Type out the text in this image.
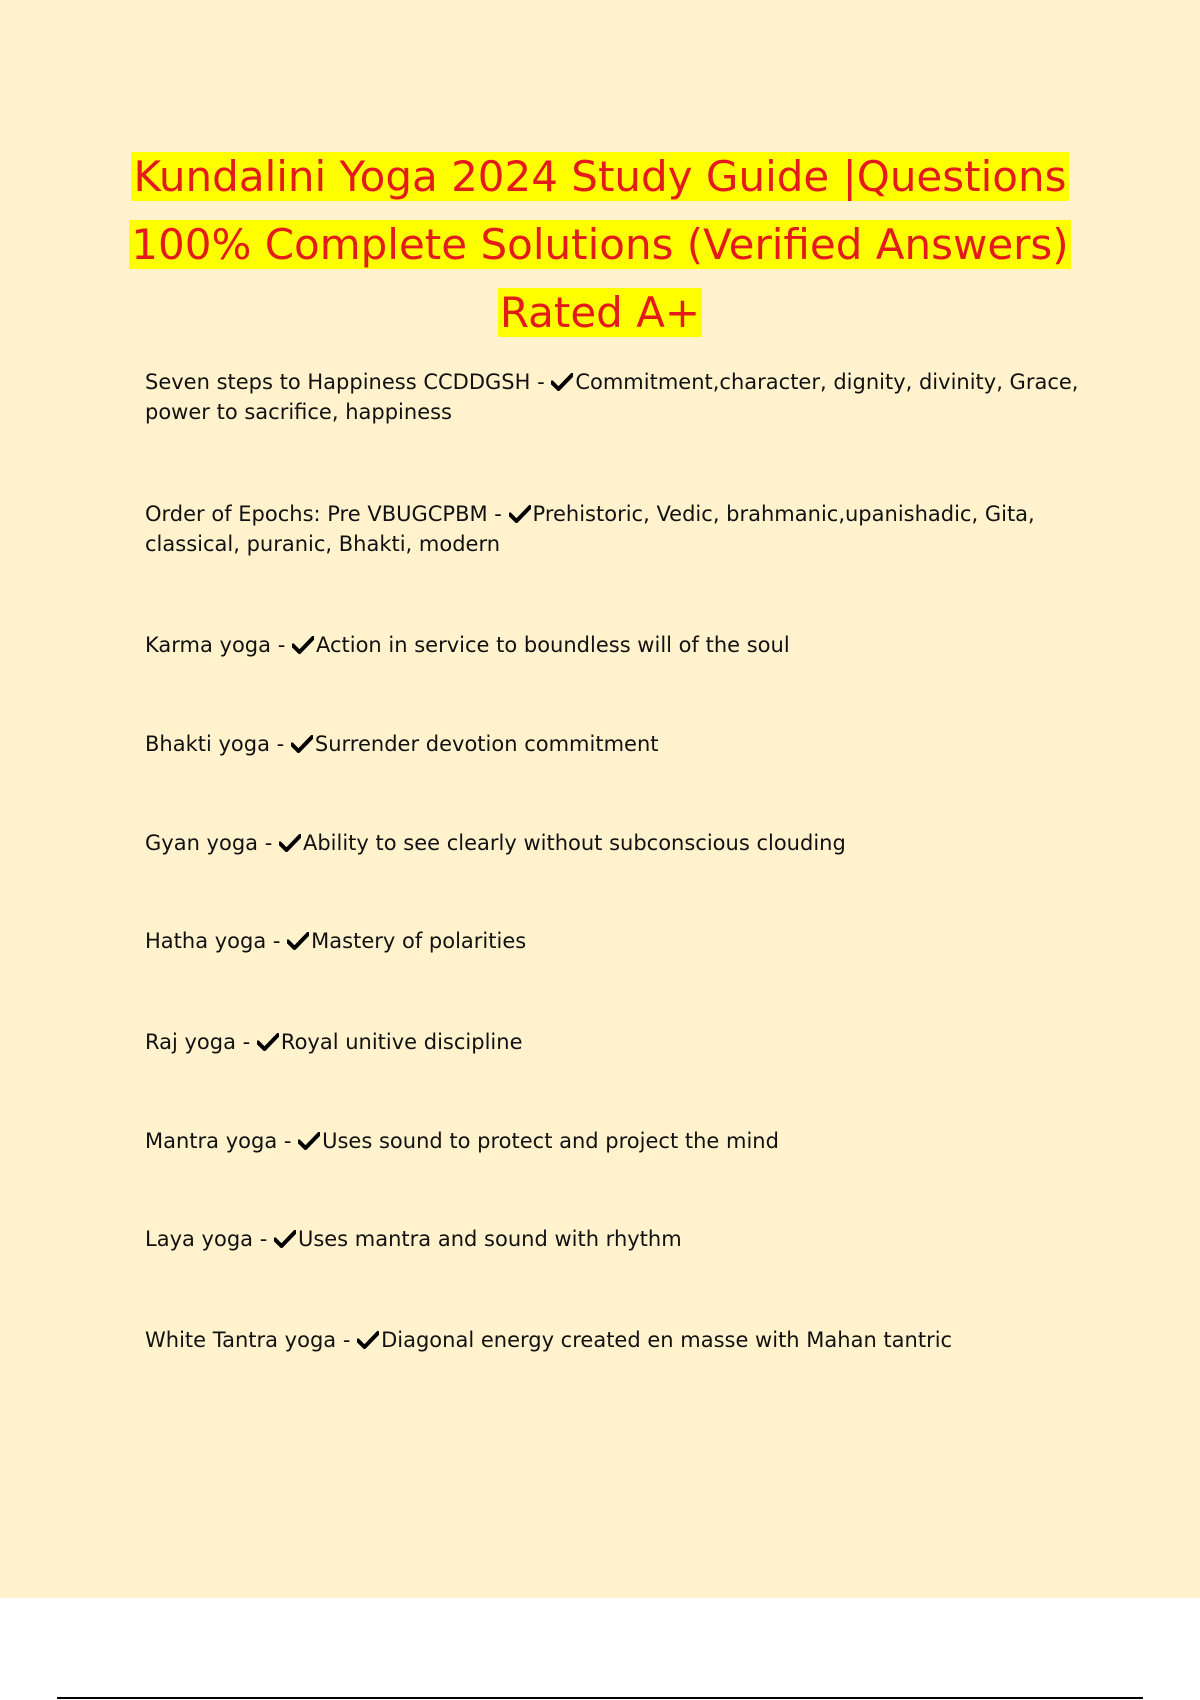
Kundalini Yoga 2024 Study Guide |Questions
100% Complete Solutions (Verified Answers)
Rated A+
Seven steps to Happiness CCDDGSH -
Commitment,character, dignity, divinity, Grace, power to sacrifice, happiness
Order of Epochs: Pre VBUGCPBM -
Prehistoric, Vedic, brahmanic,upanishadic, Gita, classical, puranic, Bhakti, modern
Karma yoga -
Action in service to boundless will of the soul
Bhakti yoga -
Surrender devotion commitment
Gyan yoga -
Ability to see clearly without subconscious clouding
Hatha yoga -
Mastery of polarities
Raj yoga -
Royal unitive discipline
Mantra yoga -
Uses sound to protect and project the mind
Laya yoga -
Uses mantra and sound with rhythm
White Tantra yoga -
Diagonal energy created en masse with Mahan tantric
